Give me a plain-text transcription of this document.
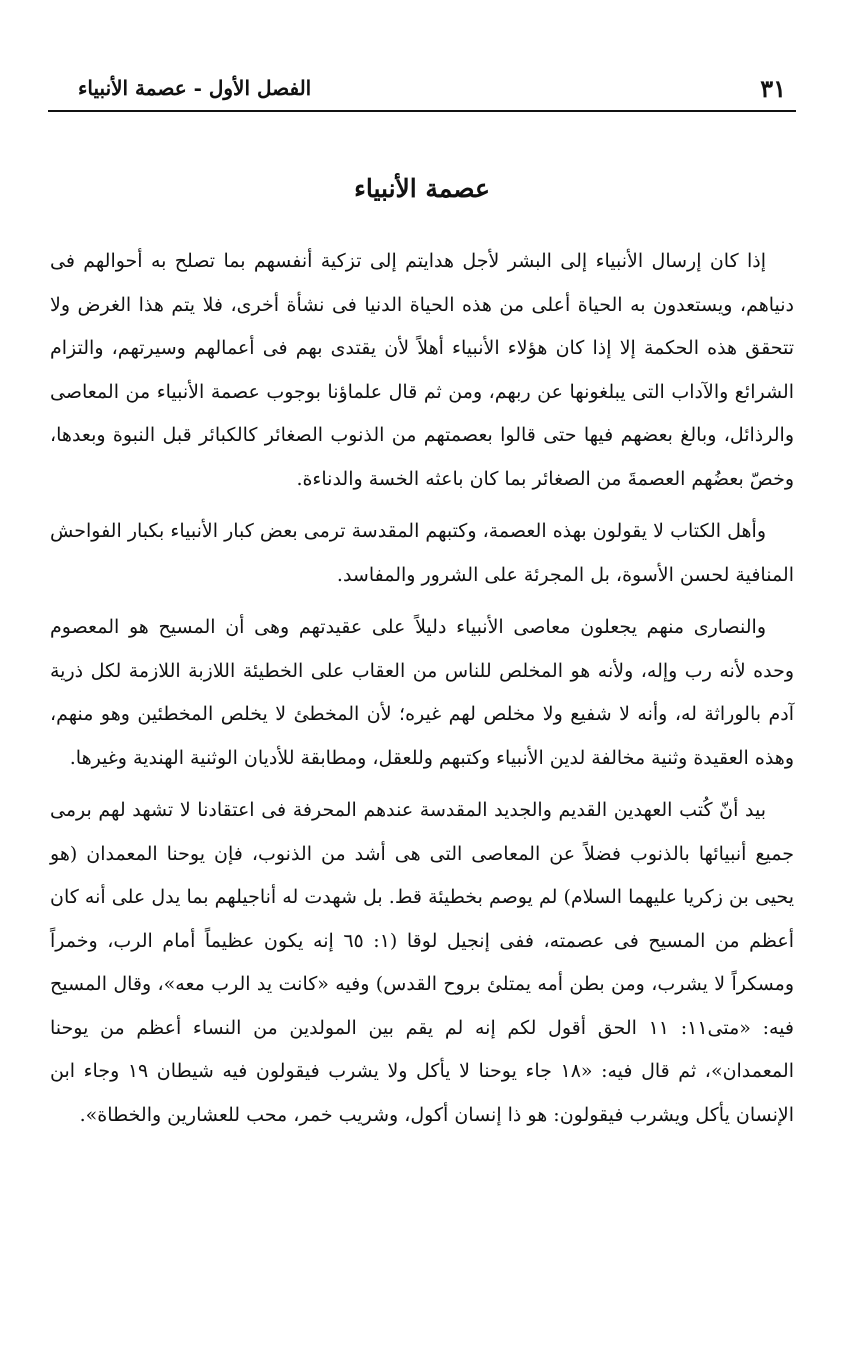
٣١
الفصل الأول - عصمة الأنبياء
عصمة الأنبياء

إذا كان إرسال الأنبياء إلى البشر لأجل هدايتم إلى تزكية أنفسهم بما تصلح به أحوالهم فى دنياهم، ويستعدون به الحياة أعلى من هذه الحياة الدنيا فى نشأة أخرى، فلا يتم هذا الغرض ولا تتحقق هذه الحكمة إلا إذا كان هؤلاء الأنبياء أهلاً لأن يقتدى بهم فى أعمالهم وسيرتهم، والتزام الشرائع والآداب التى يبلغونها عن ربهم، ومن ثم قال علماؤنا بوجوب عصمة الأنبياء من المعاصى والرذائل، وبالغ بعضهم فيها حتى قالوا بعصمتهم من الذنوب الصغائر كالكبائر قبل النبوة وبعدها، وخصّ بعضُهم العصمةَ من الصغائر بما كان باعثه الخسة والدناءة.

وأهل الكتاب لا يقولون بهذه العصمة، وكتبهم المقدسة ترمى بعض كبار الأنبياء بكبار الفواحش المنافية لحسن الأسوة، بل المجرئة على الشرور والمفاسد.

والنصارى منهم يجعلون معاصى الأنبياء دليلاً على عقيدتهم وهى أن المسيح هو المعصوم وحده لأنه رب وإله، ولأنه هو المخلص للناس من العقاب على الخطيئة اللازبة اللازمة لكل ذرية آدم بالوراثة له، وأنه لا شفيع ولا مخلص لهم غيره؛ لأن المخطئ لا يخلص المخطئين وهو منهم، وهذه العقيدة وثنية مخالفة لدين الأنبياء وكتبهم وللعقل، ومطابقة للأديان الوثنية الهندية وغيرها.

بيد أنّ كُتب العهدين القديم والجديد المقدسة عندهم المحرفة فى اعتقادنا لا تشهد لهم برمى جميع أنبيائها بالذنوب فضلاً عن المعاصى التى هى أشد من الذنوب، فإن يوحنا المعمدان (هو يحيى بن زكريا عليهما السلام) لم يوصم بخطيئة قط. بل شهدت له أناجيلهم بما يدل على أنه كان أعظم من المسيح فى عصمته، ففى إنجيل لوقا (١: ٦٥ إنه يكون عظيماً أمام الرب، وخمراً ومسكراً لا يشرب، ومن بطن أمه يمتلئ بروح القدس) وفيه «كانت يد الرب معه»، وقال المسيح فيه: «متى١١: ١١ الحق أقول لكم إنه لم يقم بين المولدين من النساء أعظم من يوحنا المعمدان»، ثم قال فيه: «١٨ جاء يوحنا لا يأكل ولا يشرب فيقولون فيه شيطان ١٩ وجاء ابن الإنسان يأكل ويشرب فيقولون: هو ذا إنسان أكول، وشريب خمر، محب للعشارين والخطاة».
